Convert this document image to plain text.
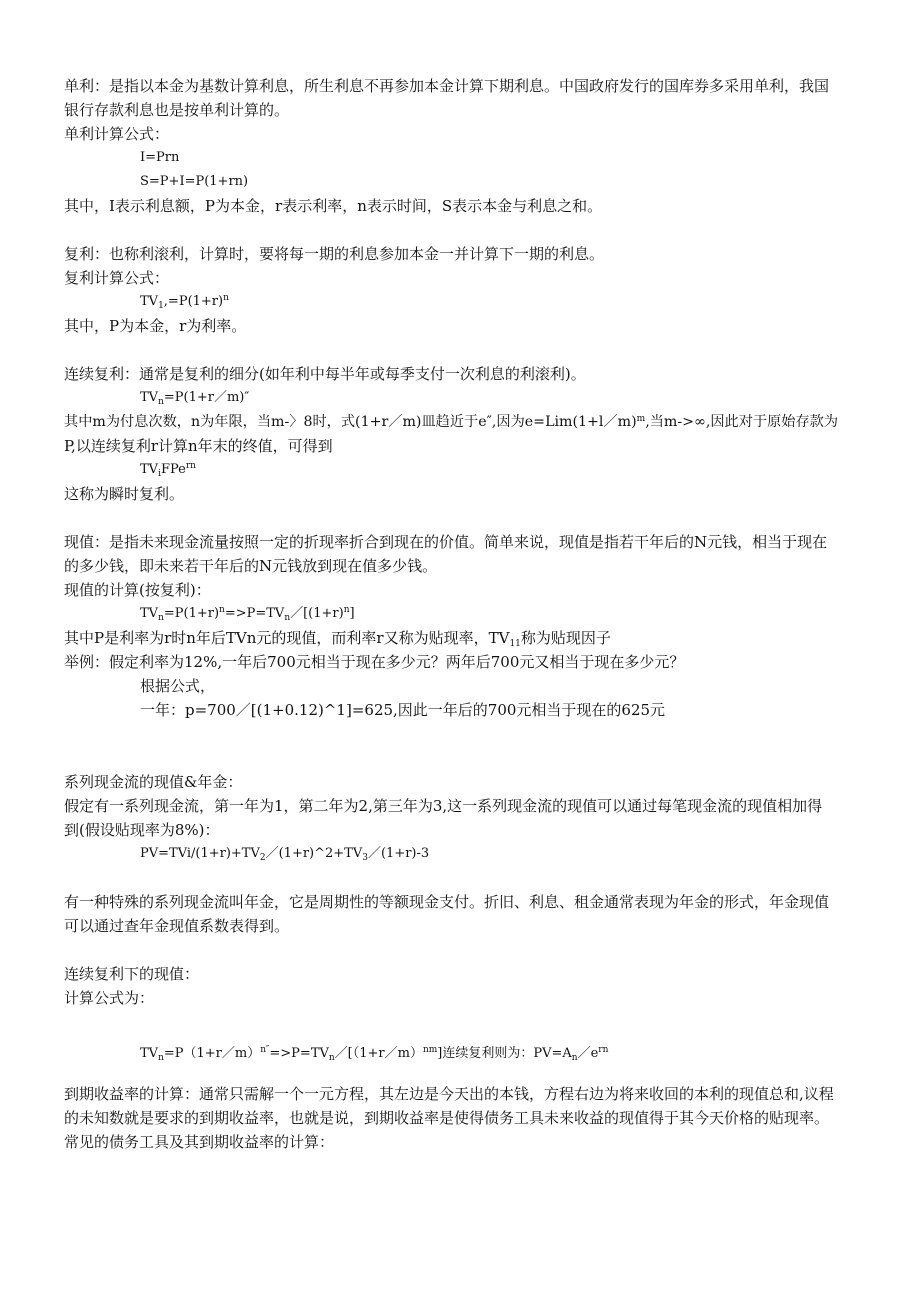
单利：是指以本金为基数计算利息，所生利息不再参加本金计算下期利息。中国政府发行的国库券多采用单利，我国
银行存款利息也是按单利计算的。
单利计算公式：
I=Prn
S=P+I=P(1+rn)
其中，I表示利息额，P为本金，r表示利率，n表示时间，S表示本金与利息之和。
复利：也称利滚利，计算时，要将每一期的利息参加本金一并计算下一期的利息。
复利计算公式：
$TV_1,=P(1+r)^n$
其中，P为本金，r为利率。
连续复利：通常是复利的细分(如年利中每半年或每季支付一次利息的利滚利)。
$TV_n=P(1+r/m)''$
其中m为付息次数，n为年限，当m-〉8时，式(1+r／m)皿趋近于e″,因为e=Lim(1+l／m)$^m$,当m->∞,因此对于原始存款为
P,以连续复利r计算n年末的终值，可得到
$TV_iFPe^{rn}$
这称为瞬时复利。
现值：是指未来现金流量按照一定的折现率折合到现在的价值。简单来说，现值是指若干年后的N元钱，相当于现在
的多少钱，即未来若干年后的N元钱放到现在值多少钱。
现值的计算(按复利)：
$TV_n=P(1+r)^n=>P=TV_n/[(1+r)^n]$
其中P是利率为r时n年后TVn元的现值，而利率r又称为贴现率，$TV_{11}$称为贴现因子
举例：假定利率为12%,一年后700元相当于现在多少元？两年后700元又相当于现在多少元？
根据公式，
一年：p=700／[(1+0.12)^1]=625,因此一年后的700元相当于现在的625元
系列现金流的现值&年金：
假定有一系列现金流，第一年为1，第二年为2,第三年为3,这一系列现金流的现值可以通过每笔现金流的现值相加得
到(假设贴现率为8%)：
$PV=TVi/(1+r)+TV_2/(1+r)\^{}2+TV_3/(1+r)-3$
有一种特殊的系列现金流叫年金，它是周期性的等额现金支付。折旧、利息、租金通常表现为年金的形式，年金现值
可以通过查年金现值系数表得到。
连续复利下的现值：
计算公式为：
$TV_n=P(1+r/m)^{n''}=>P=TV_n/[(1+r/m)^{nm}]$连续复利则为：$PV=A_n/e^{rn}$
到期收益率的计算：通常只需解一个一元方程，其左边是今天出的本钱，方程右边为将来收回的本利的现值总和,议程
的未知数就是要求的到期收益率，也就是说，到期收益率是使得债务工具未来收益的现值得于其今天价格的贴现率。
常见的债务工具及其到期收益率的计算：
